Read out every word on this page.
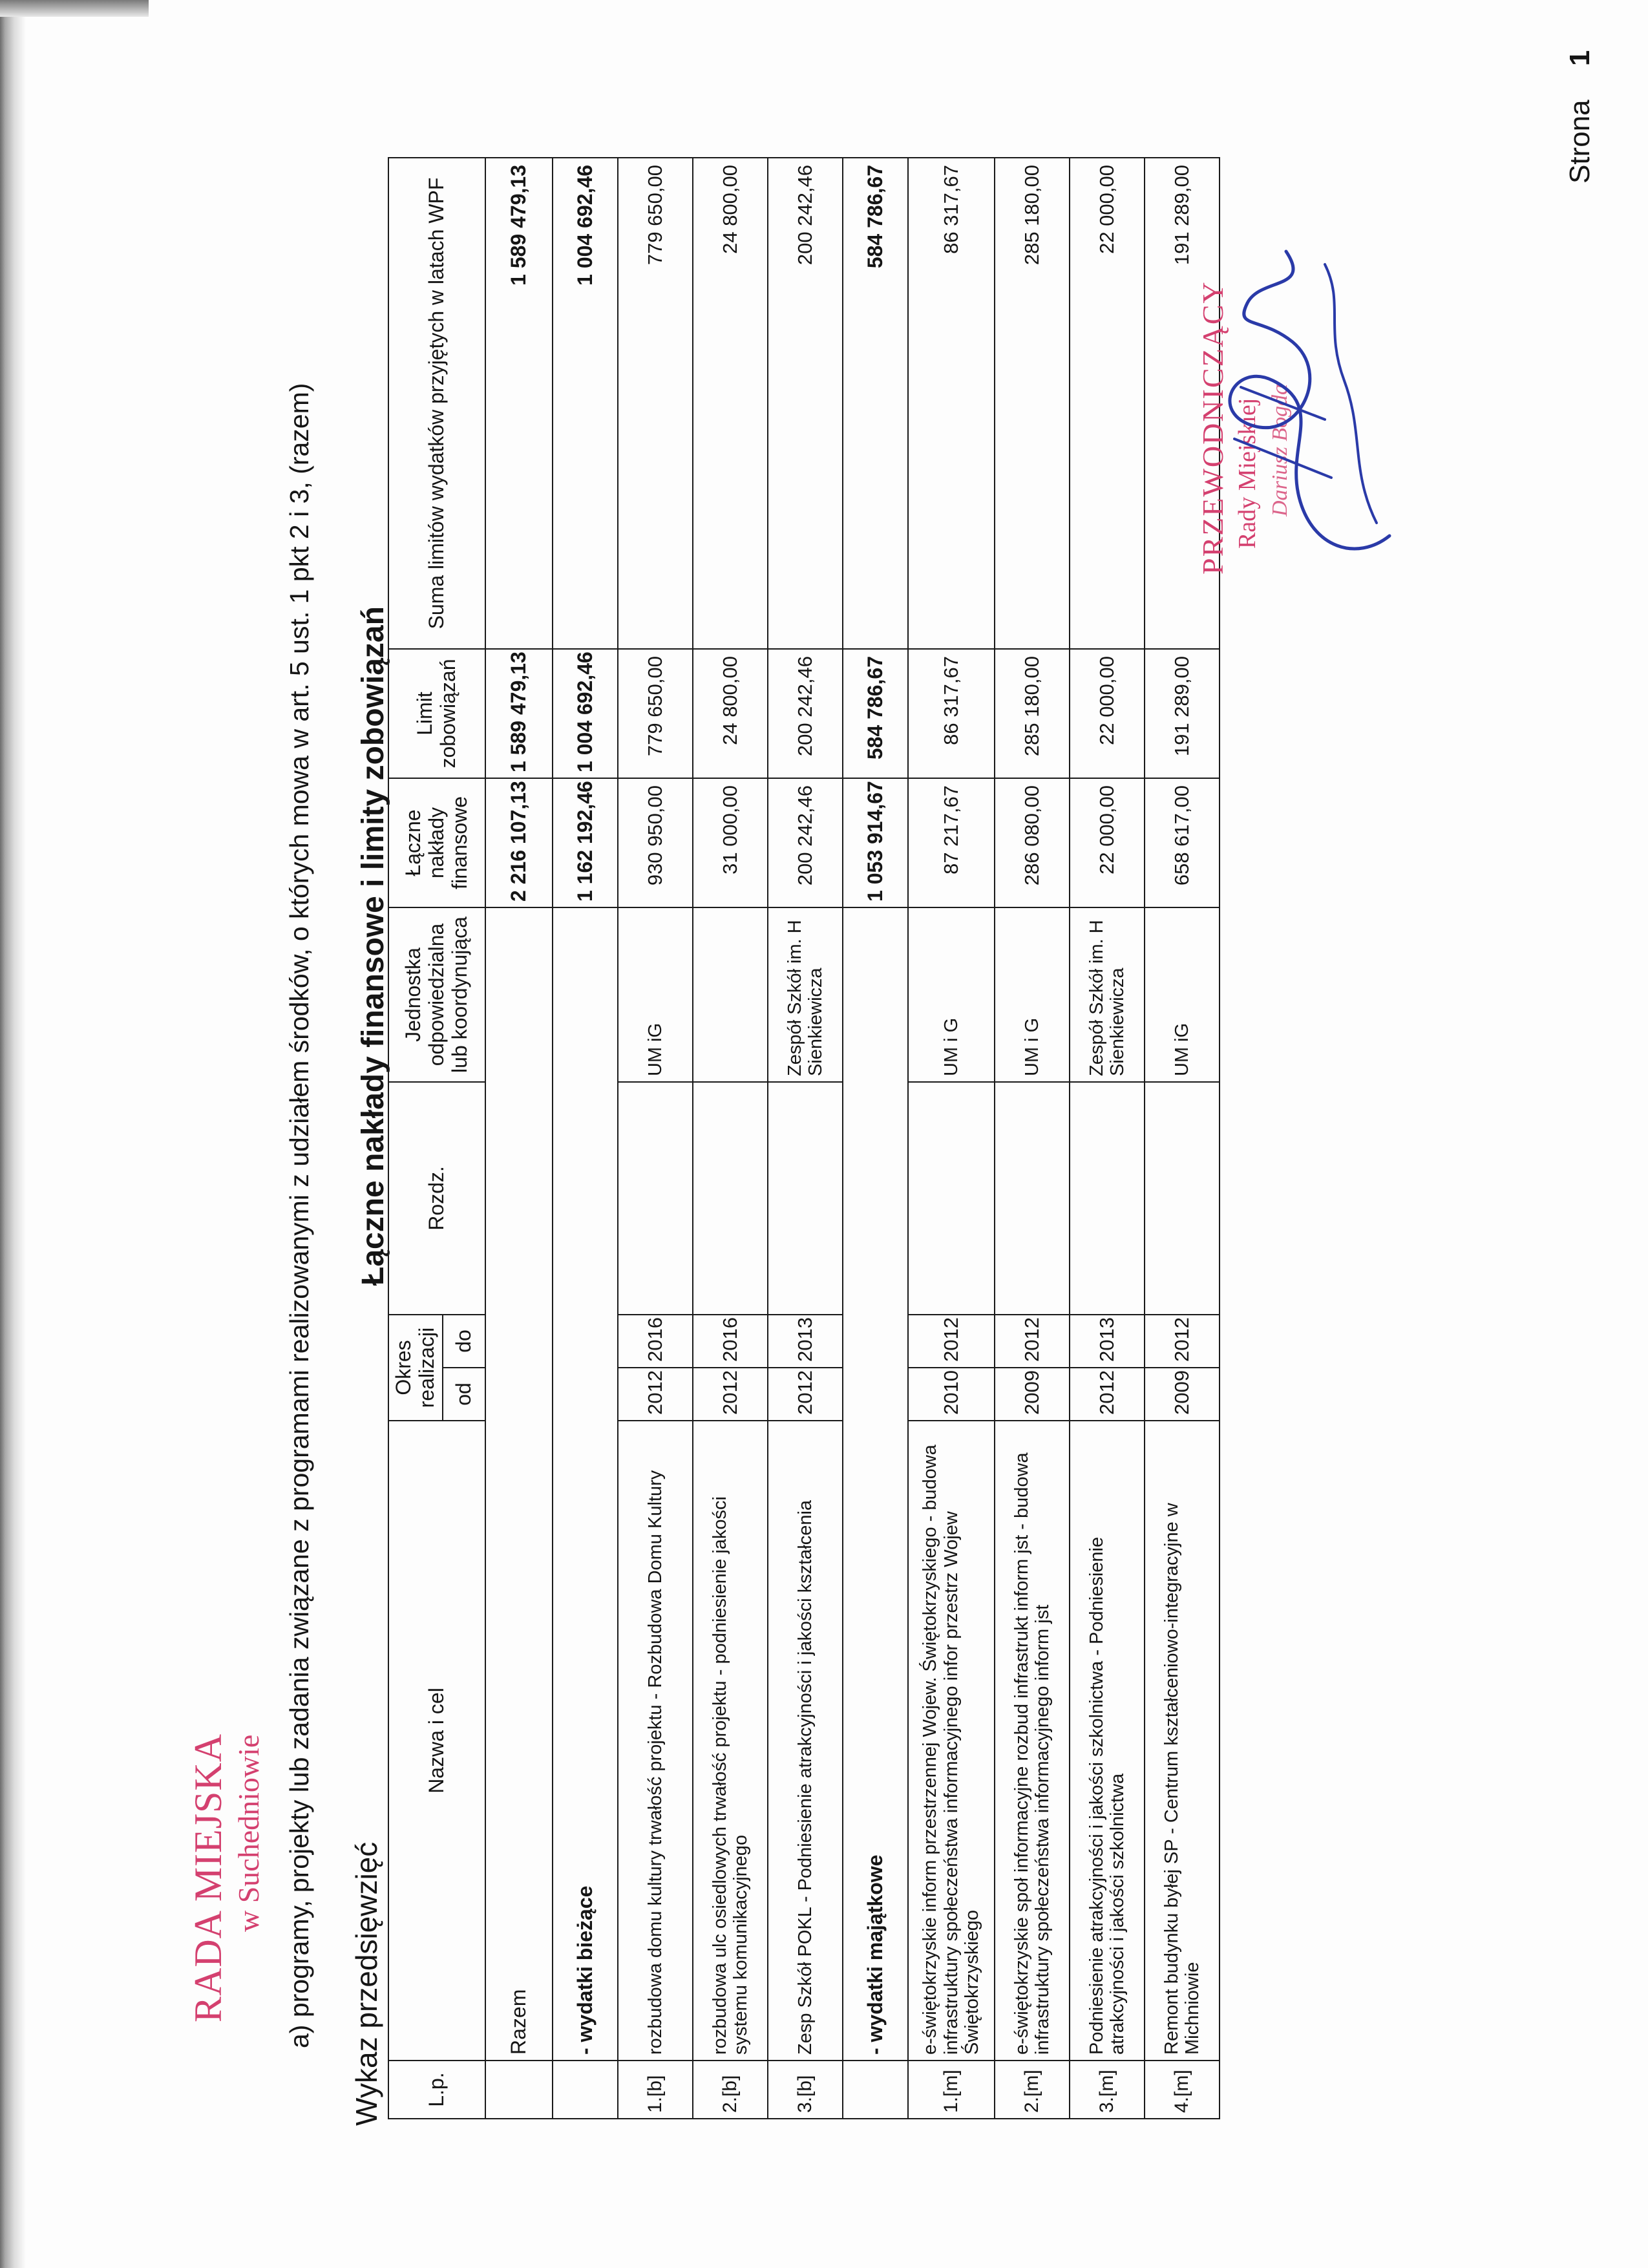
RADA MIEJSKA w Suchedniowie a) programy, projekty lub zadania związane z programami realizowanymi z udziałem środków, o których mowa w art. 5 ust. 1 pkt 2 i 3, (razem) Wykaz przedsięwzięć
Łączne nakłady finansowe i limity zobowiązań
L.p.	Nazwa i cel	Okres realizacji		Rozdz.	Jednostka odpowiedzialna lub koordynująca	Łączne nakłady finansowe	Limit zobowiązań	Suma limitów wydatków przyjętych w latach WPF
		od	do					
	Razem					2 216 107,13	1 589 479,13	1 589 479,13
	- wydatki bieżące					1 162 192,46	1 004 692,46	1 004 692,46
1.[b]	rozbudowa domu kultury trwałość projektu - Rozbudowa Domu Kultury	2012	2016		UM iG	930 950,00	779 650,00	779 650,00
2.[b]	rozbudowa ulc osiedlowych trwałość projektu - podniesienie jakości systemu komunikacyjnego	2012	2016			31 000,00	24 800,00	24 800,00
3.[b]	Zesp Szkół POKL - Podniesienie atrakcyjności i jakości kształcenia	2012	2013		Zespół Szkół im. H Sienkiewicza	200 242,46	200 242,46	200 242,46
	- wydatki majątkowe					1 053 914,67	584 786,67	584 786,67
1.[m]	e-świętokrzyskie inform przestrzennej Wojew. Świętokrzyskiego - budowa infrastruktury społeczeństwa informacyjnego infor przestrz Wojew Świętokrzyskiego	2010	2012		UM i G	87 217,67	86 317,67	86 317,67
2.[m]	e-świętokrzyskie społ informacyjne rozbud infrastrukt inform jst - budowa infrastruktury społeczeństwa informacyjnego inform jst	2009	2012		UM i G	286 080,00	285 180,00	285 180,00
3.[m]	Podniesienie atrakcyjności i jakości szkolnictwa - Podniesienie atrakcyjności i jakości szkolnictwa	2012	2013		Zespół Szkół im. H Sienkiewicza	22 000,00	22 000,00	22 000,00
4.[m]	Remont budynku byłej SP - Centrum kształceniowo-integracyjne w Michniowie	2009	2012		UM iG	658 617,00	191 289,00	191 289,00
PRZEWODNICZĄCY Rady Miejskiej Dariusz Bogda
Strona 1
